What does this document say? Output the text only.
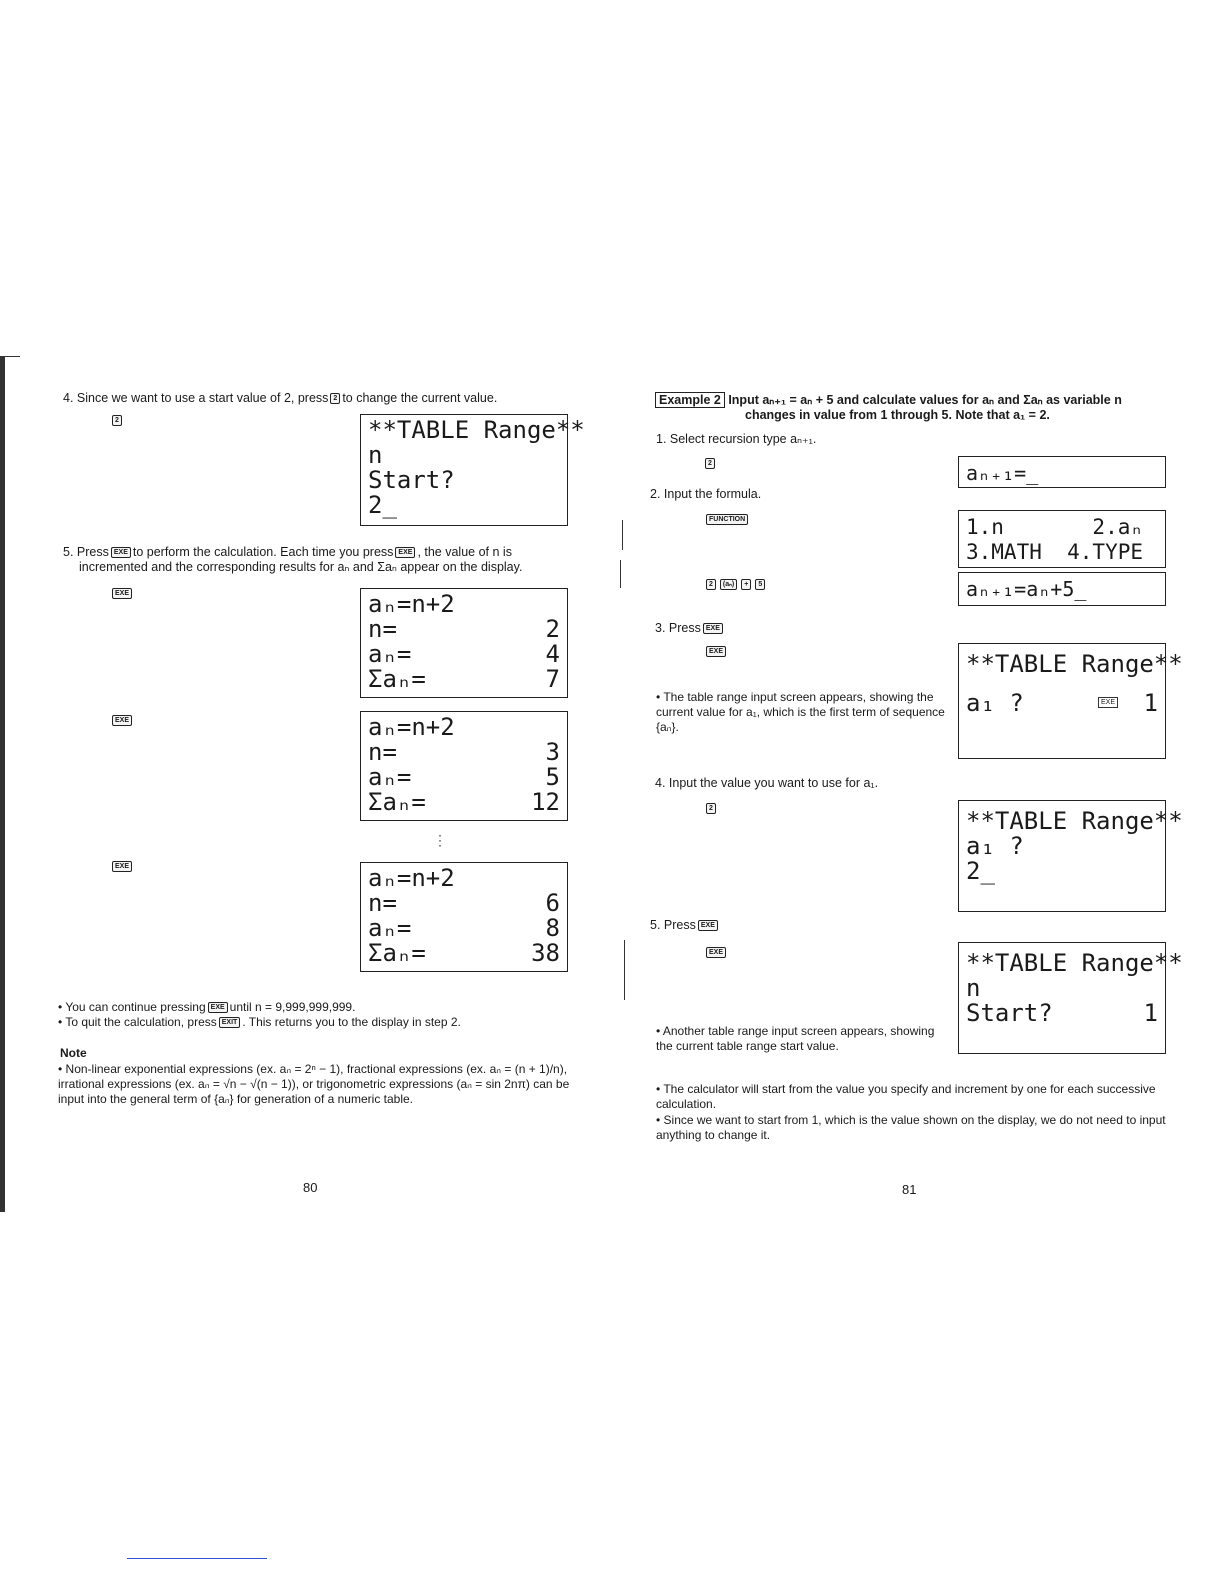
4. Since we want to use a start value of 2, press 2 to change the current value.
2	**TABLE Range**
n
Start?
2_
5. Press EXE to perform the calculation. Each time you press EXE , the value of n is
incremented and the corresponding results for aₙ and Σaₙ appear on the display.
EXE
EXE
EXE
aₙ=n+2
n=	2
aₙ=	4
Σaₙ=	7
aₙ=n+2
n=	3
aₙ=	5
Σaₙ=	12
⋮
aₙ=n+2
n=	6
aₙ=	8
Σaₙ=	38
• You can continue pressing EXE until n = 9,999,999,999.
• To quit the calculation, press EXIT . This returns you to the display in step 2.
Note
• Non-linear exponential expressions (ex. aₙ = 2ⁿ − 1), fractional expressions (ex. aₙ = (n + 1)/n), irrational expressions (ex. aₙ = √n − √(n − 1)), or trigonometric expressions (aₙ = sin 2nπ) can be input into the general term of {aₙ} for generation of a numeric table.
80
Example 2 Input aₙ₊₁ = aₙ + 5 and calculate values for aₙ and Σaₙ as variable n
changes in value from 1 through 5. Note that a₁ = 2.
1. Select recursion type aₙ₊₁.
2	aₙ₊₁=_
2. Input the formula.
FUNCTION	1.n       2.aₙ
3.MATH  4.TYPE
2 (aₙ) + 5	aₙ₊₁=aₙ+5_
3. Press EXE
EXE	**TABLE Range**
a₁ ?	EXE 1
• The table range input screen appears, showing the current value for a₁, which is the first term of sequence {aₙ}.
4. Input the value you want to use for a₁.
2	**TABLE Range**
a₁ ?
2_
5. Press EXE
EXE	**TABLE Range**
n
Start?	1
• Another table range input screen appears, showing the current table range start value.
• The calculator will start from the value you specify and increment by one for each successive calculation.
• Since we want to start from 1, which is the value shown on the display, we do not need to input anything to change it.
81
